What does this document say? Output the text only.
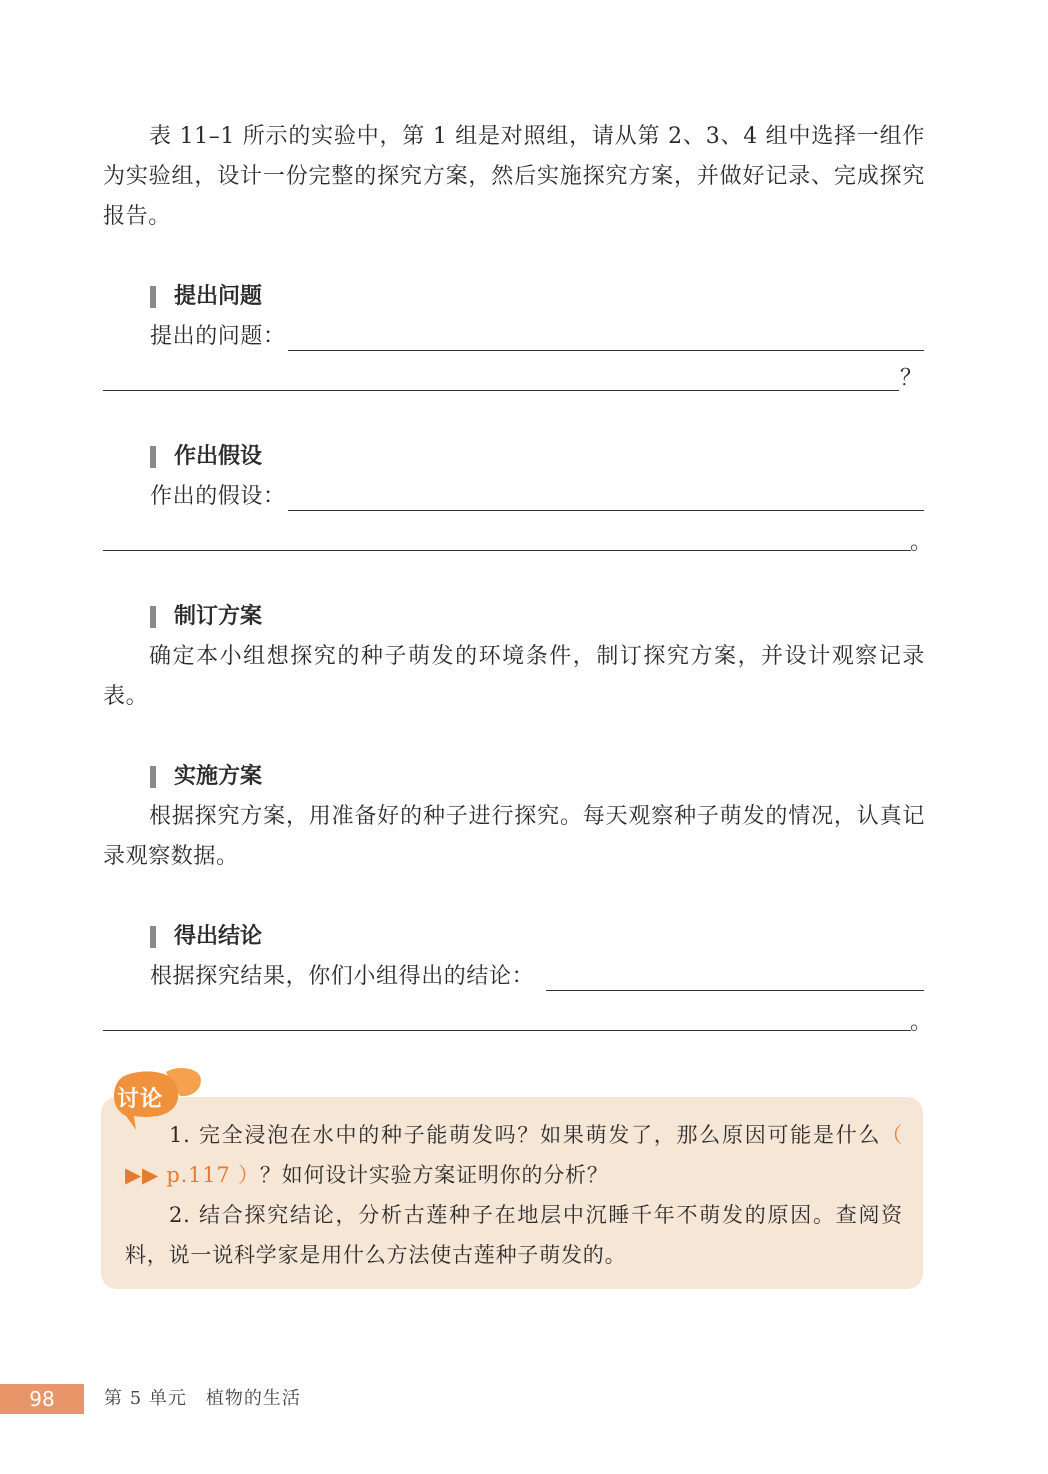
表 11–1 所示的实验中，第 1 组是对照组，请从第 2、3、4 组中选择一组作为实验组，设计一份完整的探究方案，然后实施探究方案，并做好记录、完成探究报告。
提出问题
提出的问题：
？
作出假设
作出的假设：
。
制订方案
确定本小组想探究的种子萌发的环境条件，制订探究方案，并设计观察记录表。
实施方案
根据探究方案，用准备好的种子进行探究。每天观察种子萌发的情况，认真记录观察数据。
得出结论
根据探究结果，你们小组得出的结论：
。
讨论
1. 完全浸泡在水中的种子能萌发吗？如果萌发了，那么原因可能是什么（ ▶▶ p.117 ）？如何设计实验方案证明你的分析？
2. 结合探究结论，分析古莲种子在地层中沉睡千年不萌发的原因。查阅资料，说一说科学家是用什么方法使古莲种子萌发的。
98	第 5 单元　植物的生活
